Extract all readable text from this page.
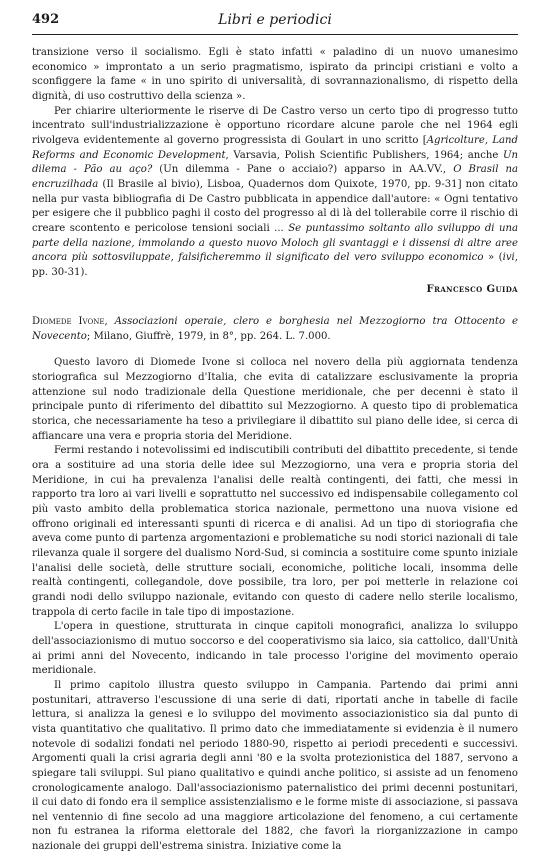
492	Libri e periodici

transizione verso il socialismo. Egli è stato infatti « paladino di un nuovo umanesimo economico » improntato a un serio pragmatismo, ispirato da principi cristiani e volto a sconfiggere la fame « in uno spirito di universalità, di sovrannazionalismo, di rispetto della dignità, di uso costruttivo della scienza ».

Per chiarire ulteriormente le riserve di De Castro verso un certo tipo di progresso tutto incentrato sull'industrializzazione è opportuno ricordare alcune parole che nel 1964 egli rivolgeva evidentemente al governo progressista di Goulart in uno scritto [Agricolture, Land Reforms and Economic Development, Varsavia, Polish Scientific Publishers, 1964; anche Un dilema - Pão au aço? (Un dilemma - Pane o acciaio?) apparso in AA.VV., O Brasil na encruzilhada (Il Brasile al bivio), Lisboa, Quadernos dom Quixote, 1970, pp. 9-31] non citato nella pur vasta bibliografia di De Castro pubblicata in appendice dall'autore: « Ogni tentativo per esigere che il pubblico paghi il costo del progresso al di là del tollerabile corre il rischio di creare scontento e pericolose tensioni sociali ... Se puntassimo soltanto allo sviluppo di una parte della nazione, immolando a questo nuovo Moloch gli svantaggi e i dissensi di altre aree ancora più sottosviluppate, falsificheremmo il significato del vero sviluppo economico » (ivi, pp. 30-31).

Francesco Guida

Diomede Ivone, Associazioni operaie, clero e borghesia nel Mezzogiorno tra Ottocento e Novecento; Milano, Giuffrè, 1979, in 8°, pp. 264. L. 7.000.

Questo lavoro di Diomede Ivone si colloca nel novero della più aggiornata tendenza storiografica sul Mezzogiorno d'Italia, che evita di catalizzare esclusivamente la propria attenzione sul nodo tradizionale della Questione meridionale, che per decenni è stato il principale punto di riferimento del dibattito sul Mezzogiorno. A questo tipo di problematica storica, che necessariamente ha teso a privilegiare il dibattito sul piano delle idee, si cerca di affiancare una vera e propria storia del Meridione.

Fermi restando i notevolissimi ed indiscutibili contributi del dibattito precedente, si tende ora a sostituire ad una storia delle idee sul Mezzogiorno, una vera e propria storia del Meridione, in cui ha prevalenza l'analisi delle realtà contingenti, dei fatti, che messi in rapporto tra loro ai vari livelli e soprattutto nel successivo ed indispensabile collegamento col più vasto ambito della problematica storica nazionale, permettono una nuova visione ed offrono originali ed interessanti spunti di ricerca e di analisi. Ad un tipo di storiografia che aveva come punto di partenza argomentazioni e problematiche su nodi storici nazionali di tale rilevanza quale il sorgere del dualismo Nord-Sud, si comincia a sostituire come spunto iniziale l'analisi delle società, delle strutture sociali, economiche, politiche locali, insomma delle realtà contingenti, collegandole, dove possibile, tra loro, per poi metterle in relazione coi grandi nodi dello sviluppo nazionale, evitando con questo di cadere nello sterile localismo, trappola di certo facile in tale tipo di impostazione.

L'opera in questione, strutturata in cinque capitoli monografici, analizza lo sviluppo dell'associazionismo di mutuo soccorso e del cooperativismo sia laico, sia cattolico, dall'Unità ai primi anni del Novecento, indicando in tale processo l'origine del movimento operaio meridionale.

Il primo capitolo illustra questo sviluppo in Campania. Partendo dai primi anni postunitari, attraverso l'escussione di una serie di dati, riportati anche in tabelle di facile lettura, si analizza la genesi e lo sviluppo del movimento associazionistico sia dal punto di vista quantitativo che qualitativo. Il primo dato che immediatamente si evidenzia è il numero notevole di sodalizi fondati nel periodo 1880-90, rispetto ai periodi precedenti e successivi. Argomenti quali la crisi agraria degli anni '80 e la svolta protezionistica del 1887, servono a spiegare tali sviluppi. Sul piano qualitativo e quindi anche politico, si assiste ad un fenomeno cronologicamente analogo. Dall'associazionismo paternalistico dei primi decenni postunitari, il cui dato di fondo era il semplice assistenzialismo e le forme miste di associazione, si passava nel ventennio di fine secolo ad una maggiore articolazione del fenomeno, a cui certamente non fu estranea la riforma elettorale del 1882, che favorì la riorganizzazione in campo nazionale dei gruppi dell'estrema sinistra. Iniziative come la
